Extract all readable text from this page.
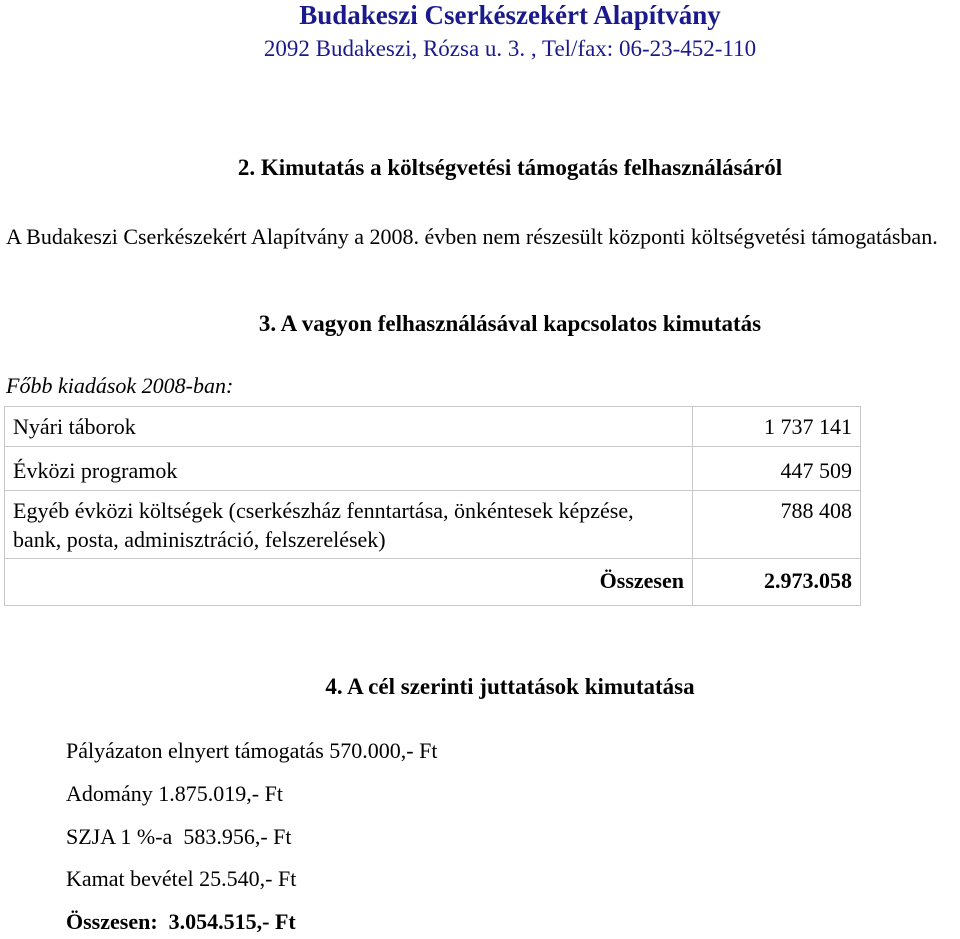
Budakeszi Cserkészekért Alapítvány
2092 Budakeszi, Rózsa u. 3. , Tel/fax: 06-23-452-110
2. Kimutatás a költségvetési támogatás felhasználásáról
A Budakeszi Cserkészekért Alapítvány a 2008. évben nem részesült központi költségvetési támogatásban.
3. A vagyon felhasználásával kapcsolatos kimutatás
Főbb kiadások 2008-ban:
Nyári táborok	1 737 141
Évközi programok	447 509
Egyéb évközi költségek (cserkészház fenntartása, önkéntesek képzése, bank, posta, adminisztráció, felszerelések)	788 408
Összesen	2.973.058
4. A cél szerinti juttatások kimutatása
Pályázaton elnyert támogatás 570.000,- Ft
Adomány 1.875.019,- Ft
SZJA 1 %-a  583.956,- Ft
Kamat bevétel 25.540,- Ft
Összesen:  3.054.515,- Ft
